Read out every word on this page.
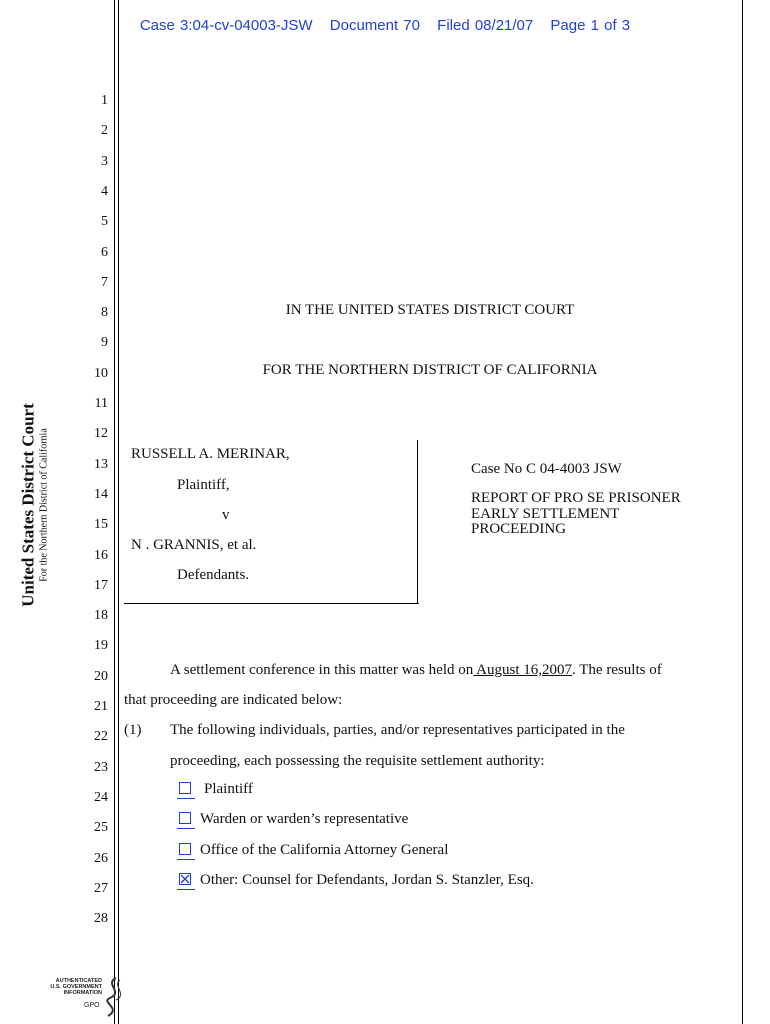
Case 3:04-cv-04003-JSW Document 70 Filed 08/21/07 Page 1 of 3
United States District Court For the Northern District of California
1
2
3
4
5
6
7
8
9
10
11
12
13
14
15
16
17
18
19
20
21
22
23
24
25
26
27
28
IN THE UNITED STATES DISTRICT COURT
FOR THE NORTHERN DISTRICT OF CALIFORNIA
RUSSELL A. MERINAR,
Plaintiff,
v
N . GRANNIS, et al.
Defendants.
Case No C 04-4003 JSW
REPORT OF PRO SE PRISONER
EARLY SETTLEMENT
PROCEEDING
A settlement conference in this matter was held on August 16,2007. The results of
that proceeding are indicated below:
(1) The following individuals, parties, and/or representatives participated in the
proceeding, each possessing the requisite settlement authority:
Plaintiff
Warden or warden’s representative
Office of the California Attorney General
Other: Counsel for Defendants, Jordan S. Stanzler, Esq.
AUTHENTICATED
U.S. GOVERNMENT
INFORMATION
GPO
